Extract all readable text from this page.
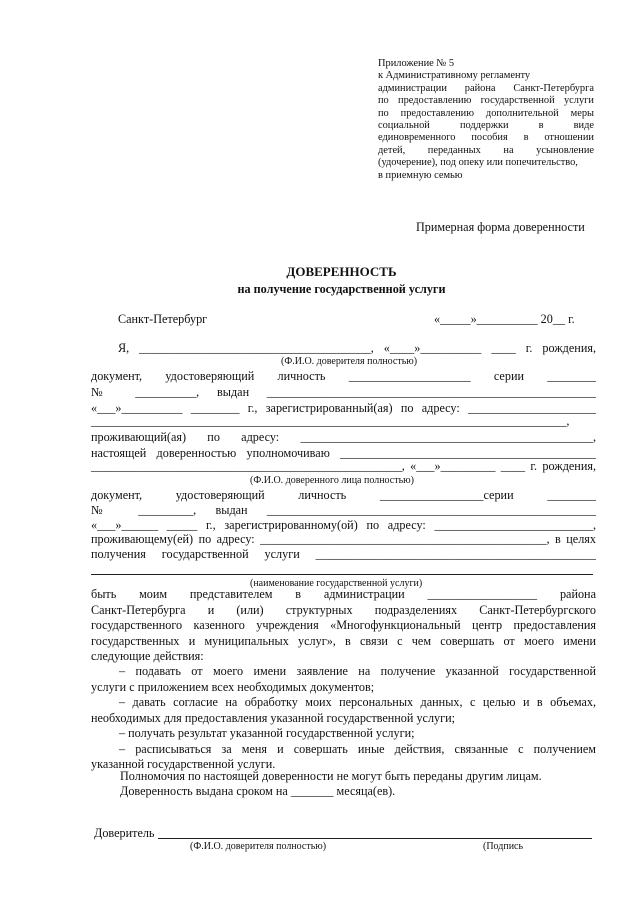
Приложение № 5
к Административному регламенту
администрации района Санкт-Петербурга
по предоставлению государственной услуги
по предоставлению дополнительной меры
социальной поддержки в виде
единовременного пособия в отношении
детей, переданных на усыновление
(удочерение), под опеку или попечительство,
в приемную семью
Примерная форма доверенности
ДОВЕРЕННОСТЬ
на получение государственной услуги
Санкт-Петербург	«_____»__________ 20__ г.
Я, ______________________________________, «____»__________ ____ г. рождения,
(Ф.И.О. доверителя полностью)
документ, удостоверяющий личность ____________________ серии ________
№ __________, выдан ______________________________________________________
«___»__________ ________ г., зарегистрированный(ая) по адресу: _____________________
______________________________________________________________________________,
проживающий(ая) по адресу: ________________________________________________,
настоящей доверенностью уполномочиваю __________________________________________
___________________________________________________, «___»_________ ____ г. рождения,
(Ф.И.О. доверенного лица полностью)
документ, удостоверяющий личность _________________серии ________
№ _________, выдан ______________________________________________________
«___»______ _____ г., зарегистрированному(ой) по адресу: __________________________,
проживающему(ей) по адресу: _______________________________________________, в целях
получения государственной услуги ______________________________________________
(наименование государственной услуги)
быть моим представителем в администрации __________________ района
Санкт-Петербурга и (или) структурных подразделениях Санкт-Петербургского
государственного казенного учреждения «Многофункциональный центр предоставления
государственных и муниципальных услуг», в связи с чем совершать от моего имени
следующие действия:
– подавать от моего имени заявление на получение указанной государственной
услуги с приложением всех необходимых документов;
– давать согласие на обработку моих персональных данных, с целью и в объемах,
необходимых для предоставления указанной государственной услуги;
– получать результат указанной государственной услуги;
– расписываться за меня и совершать иные действия, связанные с получением
указанной государственной услуги.
Полномочия по настоящей доверенности не могут быть переданы другим лицам.
Доверенность выдана сроком на _______ месяца(ев).
Доверитель
(Ф.И.О. доверителя полностью)	(Подпись
